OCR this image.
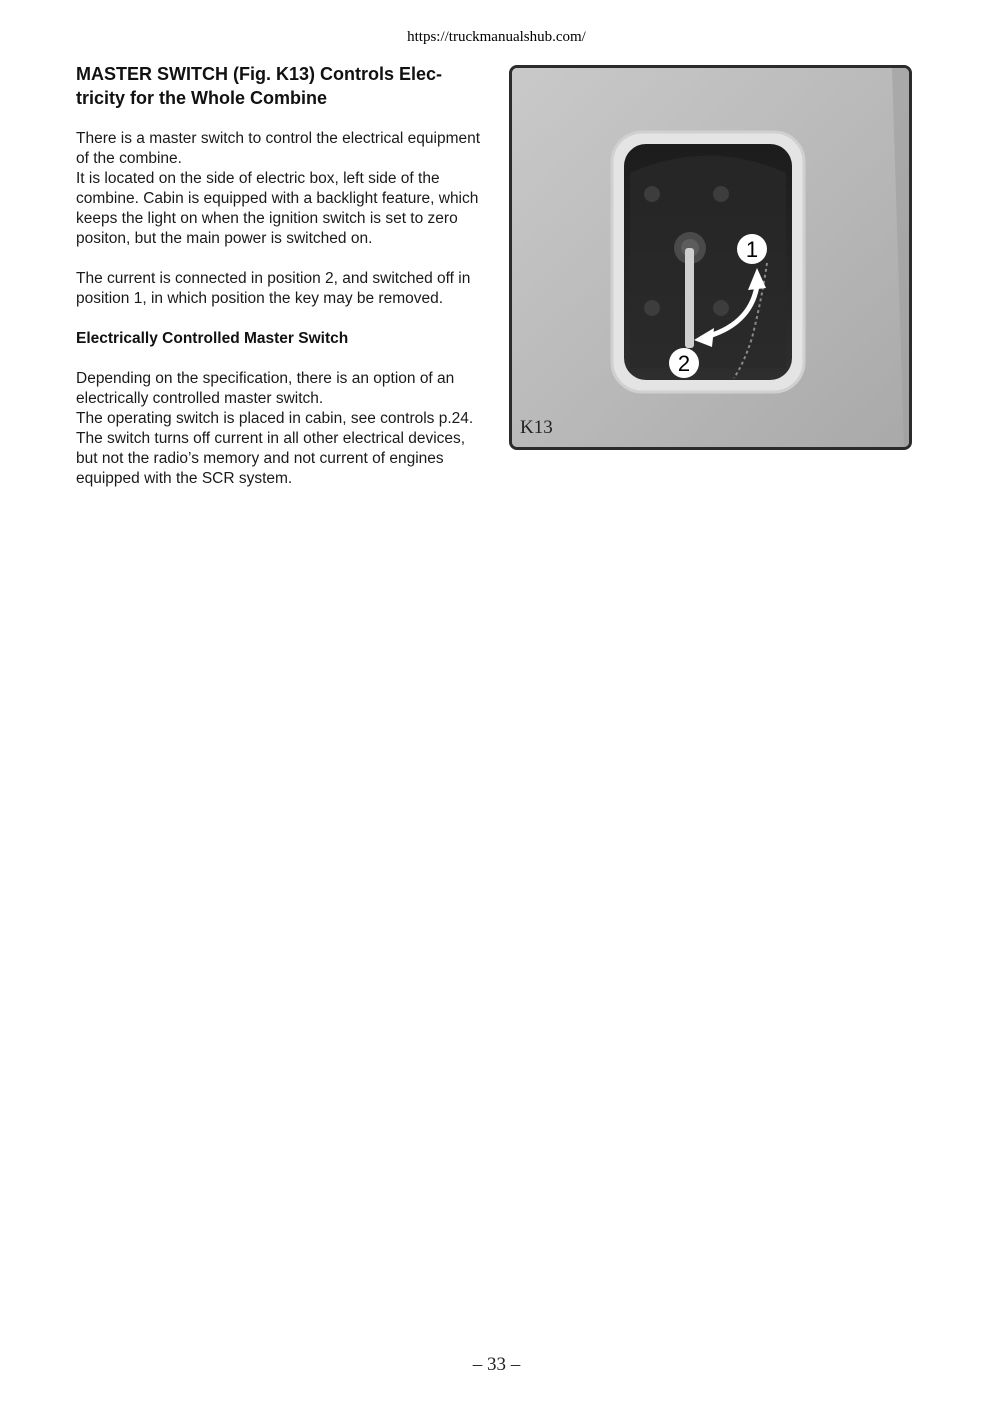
https://truckmanualshub.com/
MASTER SWITCH (Fig. K13) Controls Elec-
tricity for the Whole Combine

There is a master switch to control the electrical equipment of the combine.

It is located on the side of electric box, left side of the combine. Cabin is equipped with a backlight feature, which keeps the light on when the ignition switch is set to zero positon, but the main power is switched on.

The current is connected in position 2, and switched off in position 1, in which position the key may be removed.

Electrically Controlled Master Switch

Depending on the specification, there is an option of an electrically controlled master switch.

The operating switch is placed in cabin, see controls p.24.

The switch turns off current in all other electrical devices, but not the radio’s memory and not current of engines equipped with the SCR system.

1
2
K13
– 33 –
